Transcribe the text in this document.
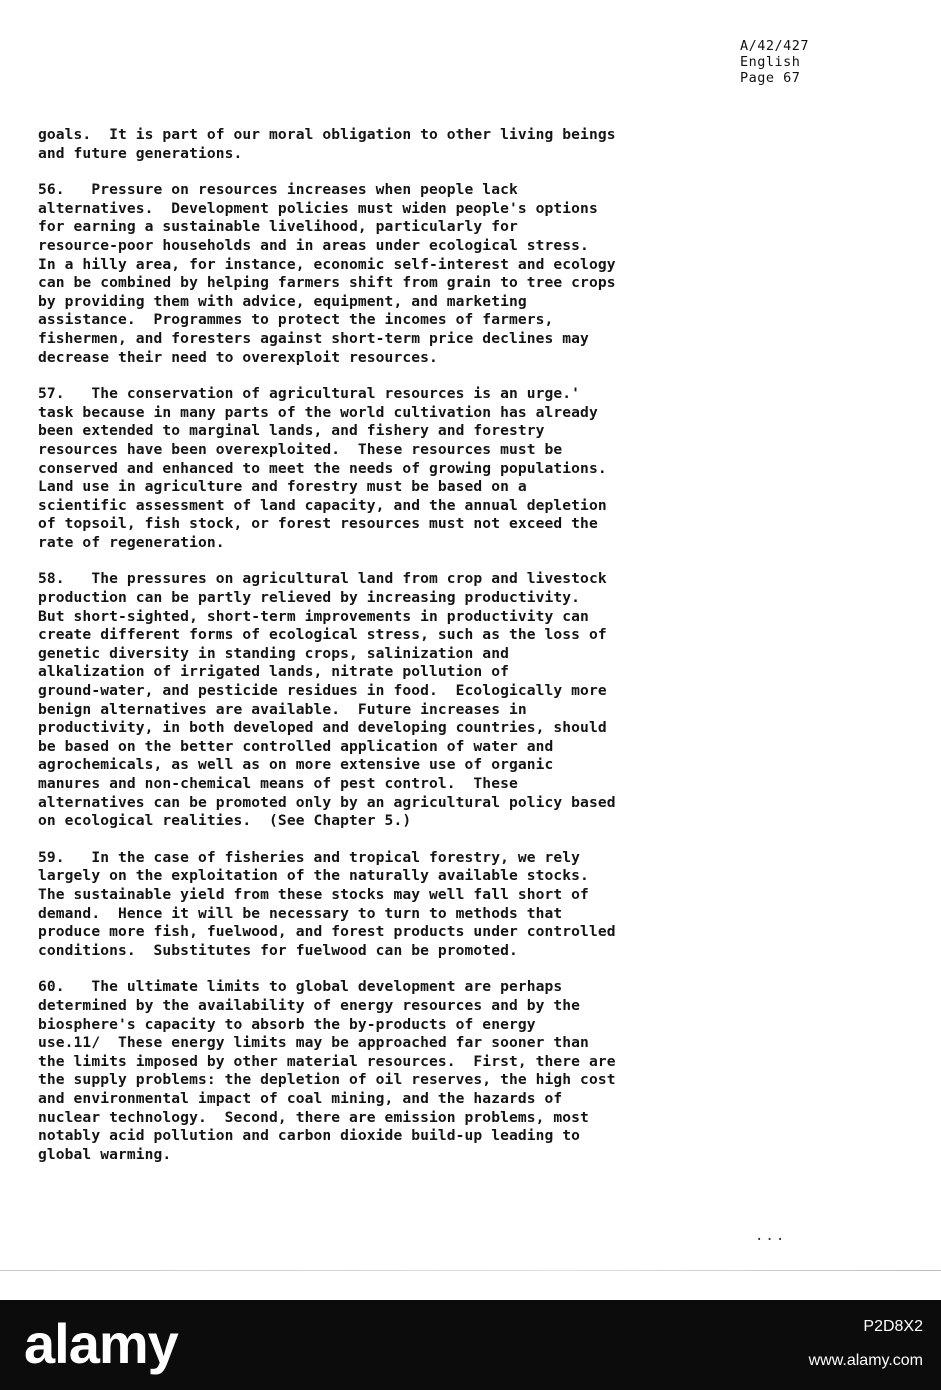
A/42/427
English
Page 67
goals.  It is part of our moral obligation to other living beings
and future generations.
56.   Pressure on resources increases when people lack
alternatives.  Development policies must widen people's options
for earning a sustainable livelihood, particularly for
resource-poor households and in areas under ecological stress.
In a hilly area, for instance, economic self-interest and ecology
can be combined by helping farmers shift from grain to tree crops
by providing them with advice, equipment, and marketing
assistance.  Programmes to protect the incomes of farmers,
fishermen, and foresters against short-term price declines may
decrease their need to overexploit resources.
57.   The conservation of agricultural resources is an urge.'
task because in many parts of the world cultivation has already
been extended to marginal lands, and fishery and forestry
resources have been overexploited.  These resources must be
conserved and enhanced to meet the needs of growing populations.
Land use in agriculture and forestry must be based on a
scientific assessment of land capacity, and the annual depletion
of topsoil, fish stock, or forest resources must not exceed the
rate of regeneration.
58.   The pressures on agricultural land from crop and livestock
production can be partly relieved by increasing productivity.
But short-sighted, short-term improvements in productivity can
create different forms of ecological stress, such as the loss of
genetic diversity in standing crops, salinization and
alkalization of irrigated lands, nitrate pollution of
ground-water, and pesticide residues in food.  Ecologically more
benign alternatives are available.  Future increases in
productivity, in both developed and developing countries, should
be based on the better controlled application of water and
agrochemicals, as well as on more extensive use of organic
manures and non-chemical means of pest control.  These
alternatives can be promoted only by an agricultural policy based
on ecological realities.  (See Chapter 5.)
59.   In the case of fisheries and tropical forestry, we rely
largely on the exploitation of the naturally available stocks.
The sustainable yield from these stocks may well fall short of
demand.  Hence it will be necessary to turn to methods that
produce more fish, fuelwood, and forest products under controlled
conditions.  Substitutes for fuelwood can be promoted.
60.   The ultimate limits to global development are perhaps
determined by the availability of energy resources and by the
biosphere's capacity to absorb the by-products of energy
use.11/  These energy limits may be approached far sooner than
the limits imposed by other material resources.  First, there are
the supply problems: the depletion of oil reserves, the high cost
and environmental impact of coal mining, and the hazards of
nuclear technology.  Second, there are emission problems, most
notably acid pollution and carbon dioxide build-up leading to
global warming.
...
alamy	P2D8X2
www.alamy.com
